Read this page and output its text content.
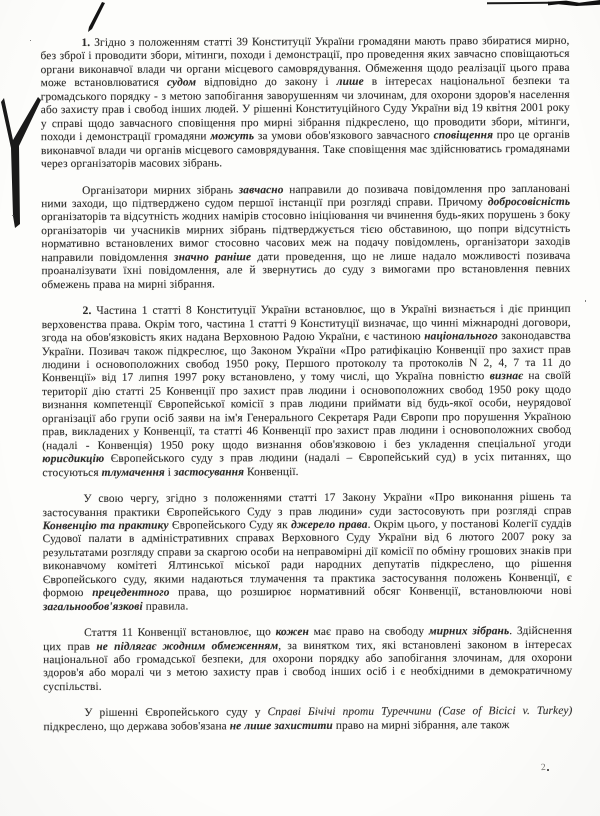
1. Згідно з положенням статті 39 Конституції України громадяни мають право збиратися мирно, без зброї і проводити збори, мітинги, походи і демонстрації, про проведення яких завчасно сповіщаються органи виконавчої влади чи органи місцевого самоврядування. Обмеження щодо реалізації цього права може встановлюватися судом відповідно до закону і лише в інтересах національної безпеки та громадського порядку - з метою запобігання заворушенням чи злочинам, для охорони здоров'я населення або захисту прав і свобод інших людей. У рішенні Конституційного Суду України від 19 квітня 2001 року у справі щодо завчасного сповіщення про мирні зібрання підкреслено, що проводити збори, мітинги, походи і демонстрації громадяни можуть за умови обов'язкового завчасного сповіщення про це органів виконавчої влади чи органів місцевого самоврядування. Таке сповіщення має здійснюватись громадянами через організаторів масових зібрань.

Організатори мирних зібрань завчасно направили до позивача повідомлення про заплановані ними заходи, що підтверджено судом першої інстанції при розгляді справи. Причому добросовісність організаторів та відсутність жодних намірів стосовно ініціювання чи вчинення будь-яких порушень з боку організаторів чи учасників мирних зібрань підтверджується тією обставиною, що попри відсутність нормативно встановлених вимог стосовно часових меж на подачу повідомлень, організатори заходів направили повідомлення значно раніше дати проведення, що не лише надало можливості позивача проаналізувати їхні повідомлення, але й звернутись до суду з вимогами про встановлення певних обмежень права на мирні зібрання.

2. Частина 1 статті 8 Конституції України встановлює, що в Україні визнається і діє принцип верховенства права. Окрім того, частина 1 статті 9 Конституції визначає, що чинні міжнародні договори, згода на обов'язковість яких надана Верховною Радою України, є частиною національного законодавства України. Позивач також підкреслює, що Законом України «Про ратифікацію Конвенції про захист прав людини і основоположних свобод 1950 року, Першого протоколу та протоколів N 2, 4, 7 та 11 до Конвенції» від 17 липня 1997 року встановлено, у тому числі, що Україна повністю визнає на своїй території дію статті 25 Конвенції про захист прав людини і основоположних свобод 1950 року щодо визнання компетенції Європейської комісії з прав людини приймати від будь-якої особи, неурядової організації або групи осіб заяви на ім'я Генерального Секретаря Ради Європи про порушення Україною прав, викладених у Конвенції, та статті 46 Конвенції про захист прав людини і основоположних свобод (надалі - Конвенція) 1950 року щодо визнання обов'язковою і без укладення спеціальної угоди юрисдикцію Європейського суду з прав людини (надалі – Європейський суд) в усіх питаннях, що стосуються тлумачення і застосування Конвенції.

У свою чергу, згідно з положеннями статті 17 Закону України «Про виконання рішень та застосування практики Європейського Суду з прав людини» суди застосовують при розгляді справ Конвенцію та практику Європейського Суду як джерело права. Окрім цього, у постанові Колегії суддів Судової палати в адміністративних справах Верховного Суду України від 6 лютого 2007 року за результатами розгляду справи за скаргою особи на неправомірні дії комісії по обміну грошових знаків при виконавчому комітеті Ялтинської міської ради народних депутатів підкреслено, що рішення Європейського суду, якими надаються тлумачення та практика застосування положень Конвенції, є формою прецедентного права, що розширює нормативний обсяг Конвенції, встановлюючи нові загальнообов'язкові правила.

Стаття 11 Конвенції встановлює, що кожен має право на свободу мирних зібрань. Здійснення цих прав не підлягає жодним обмеженням, за винятком тих, які встановлені законом в інтересах національної або громадської безпеки, для охорони порядку або запобігання злочинам, для охорони здоров'я або моралі чи з метою захисту прав і свобод інших осіб і є необхідними в демократичному суспільстві.

У рішенні Європейського суду у Справі Бічічі проти Туреччини (Case of Bicici v. Turkey) підкреслено, що держава зобов'язана не лише захистити право на мирні зібрання, але також

2
